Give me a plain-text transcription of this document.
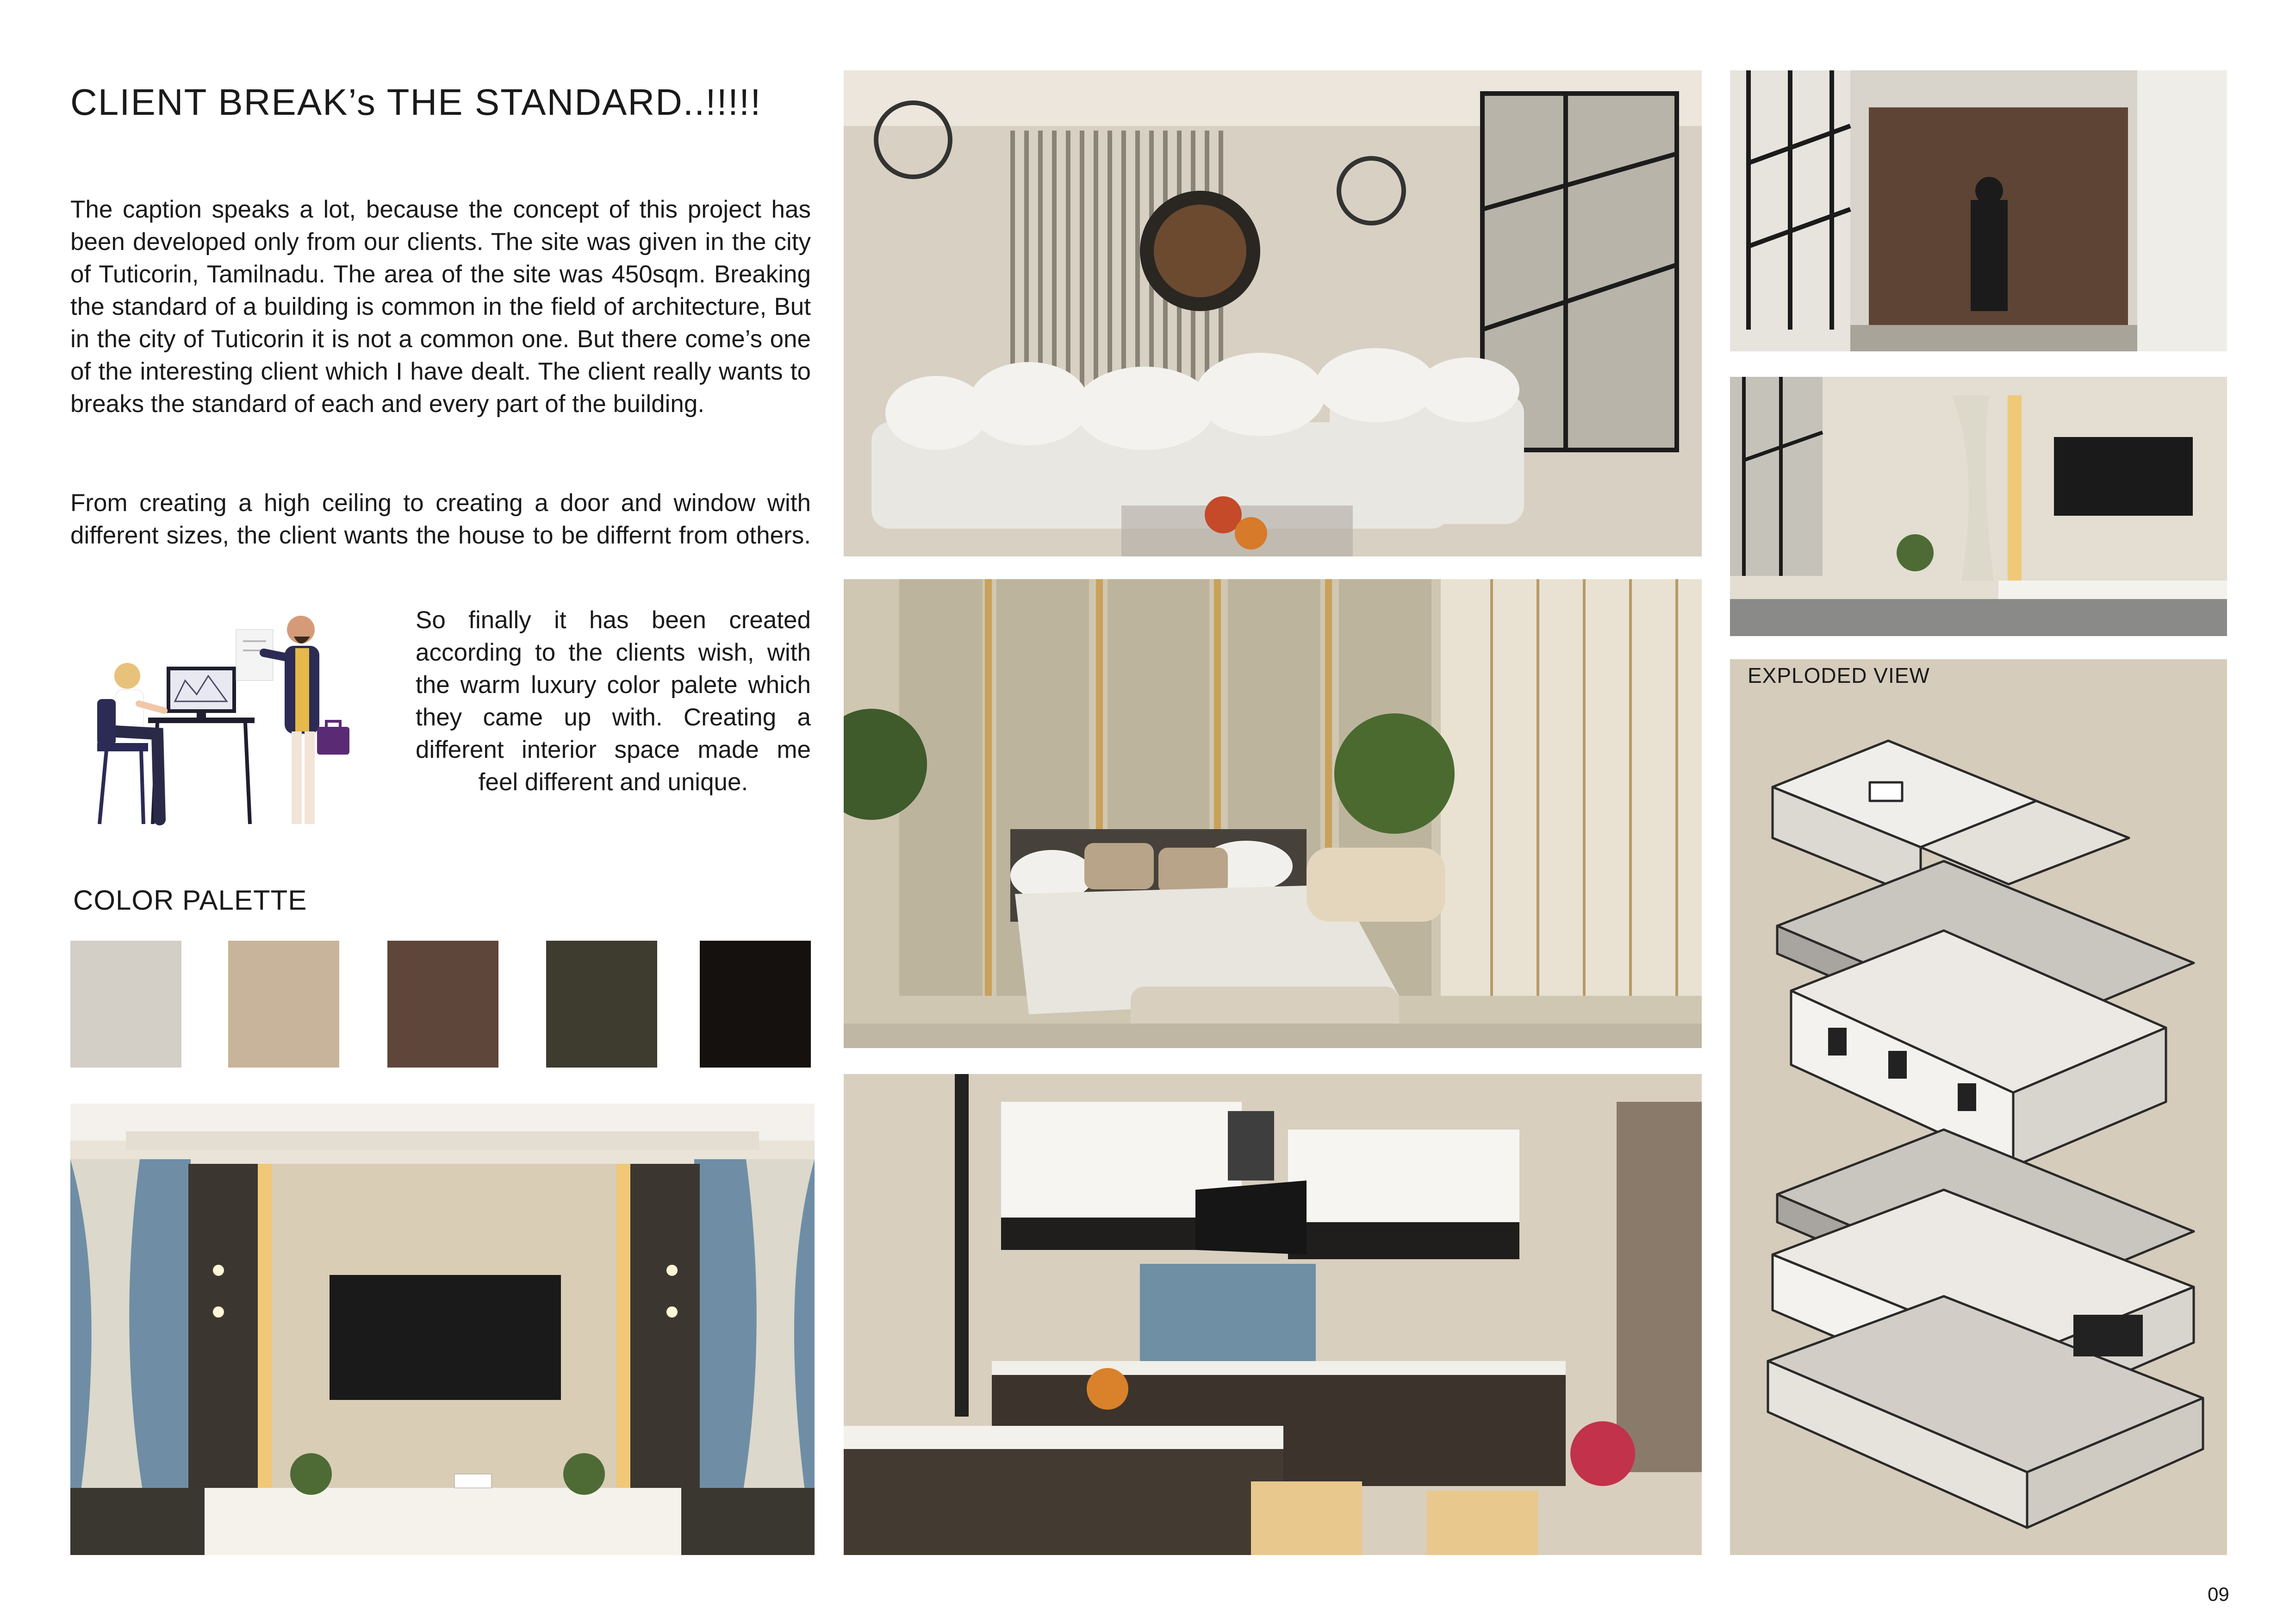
CLIENT BREAK’s THE STANDARD..!!!!!
The caption speaks a lot, because the concept of this project has been developed only from our clients. The site was given in the city of Tuticorin, Tamilnadu. The area of the site was 450sqm. Breaking the standard of a building is common in the field of architecture, But in the city of Tuticorin it is not a common one. But there come’s one of the interesting client which I have dealt. The client really wants to breaks the standard of each and every part of the building.
From creating a high ceiling to creating a door and window with different sizes, the client wants the house to be differnt from others.
So finally it has been created according to the clients wish, with the warm luxury color palete which they came up with. Creating a different interior space made me feel different and unique.
COLOR PALETTE
EXPLODED VIEW
09
